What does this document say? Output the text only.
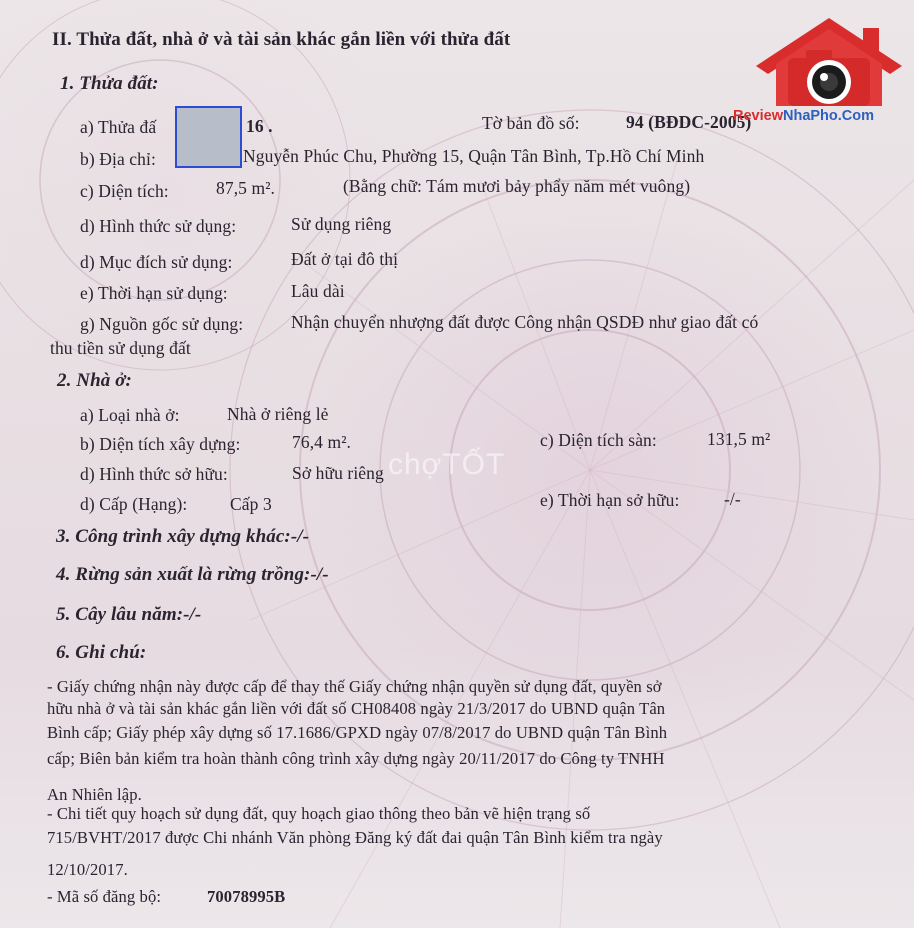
II. Thửa đất, nhà ở và tài sản khác gắn liền với thửa đất
1. Thửa đất:
a) Thửa đấ	16 .	Tờ bản đồ số:	94 (BĐDC-2005)
b) Địa chỉ:	Nguyễn Phúc Chu, Phường 15, Quận Tân Bình, Tp.Hồ Chí Minh
c) Diện tích:	87,5 m².	(Bằng chữ: Tám mươi bảy phẩy năm mét vuông)
d) Hình thức sử dụng:	Sử dụng riêng
d) Mục đích sử dụng:	Đất ở tại đô thị
e) Thời hạn sử dụng:	Lâu dài
g) Nguồn gốc sử dụng:	Nhận chuyển nhượng đất được Công nhận QSDĐ như giao đất có
thu tiền sử dụng đất
2. Nhà ở:
a) Loại nhà ở:	Nhà ở riêng lẻ
b) Diện tích xây dựng:	76,4 m².	c) Diện tích sàn:	131,5 m²
d) Hình thức sở hữu:	Sở hữu riêng
d) Cấp (Hạng): Cấp 3	e) Thời hạn sở hữu:	-/-
3. Công trình xây dựng khác:-/-
4. Rừng sản xuất là rừng trồng:-/-
5. Cây lâu năm:-/-
6. Ghi chú:
- Giấy chứng nhận này được cấp để thay thế Giấy chứng nhận quyền sử dụng đất, quyền sở
hữu nhà ở và tài sản khác gắn liền với đất số CH08408 ngày 21/3/2017 do UBND quận Tân
Bình cấp; Giấy phép xây dựng số 17.1686/GPXD ngày 07/8/2017 do UBND quận Tân Bình
cấp; Biên bản kiểm tra hoàn thành công trình xây dựng ngày 20/11/2017 do Công ty TNHH
An Nhiên lập.
- Chi tiết quy hoạch sử dụng đất, quy hoạch giao thông theo bản vẽ hiện trạng số
715/BVHT/2017 được Chi nhánh Văn phòng Đăng ký đất đai quận Tân Bình kiểm tra ngày
12/10/2017.
- Mã số đăng bộ:	70078995B
chợTỐT
ReviewNhaPho.Com
